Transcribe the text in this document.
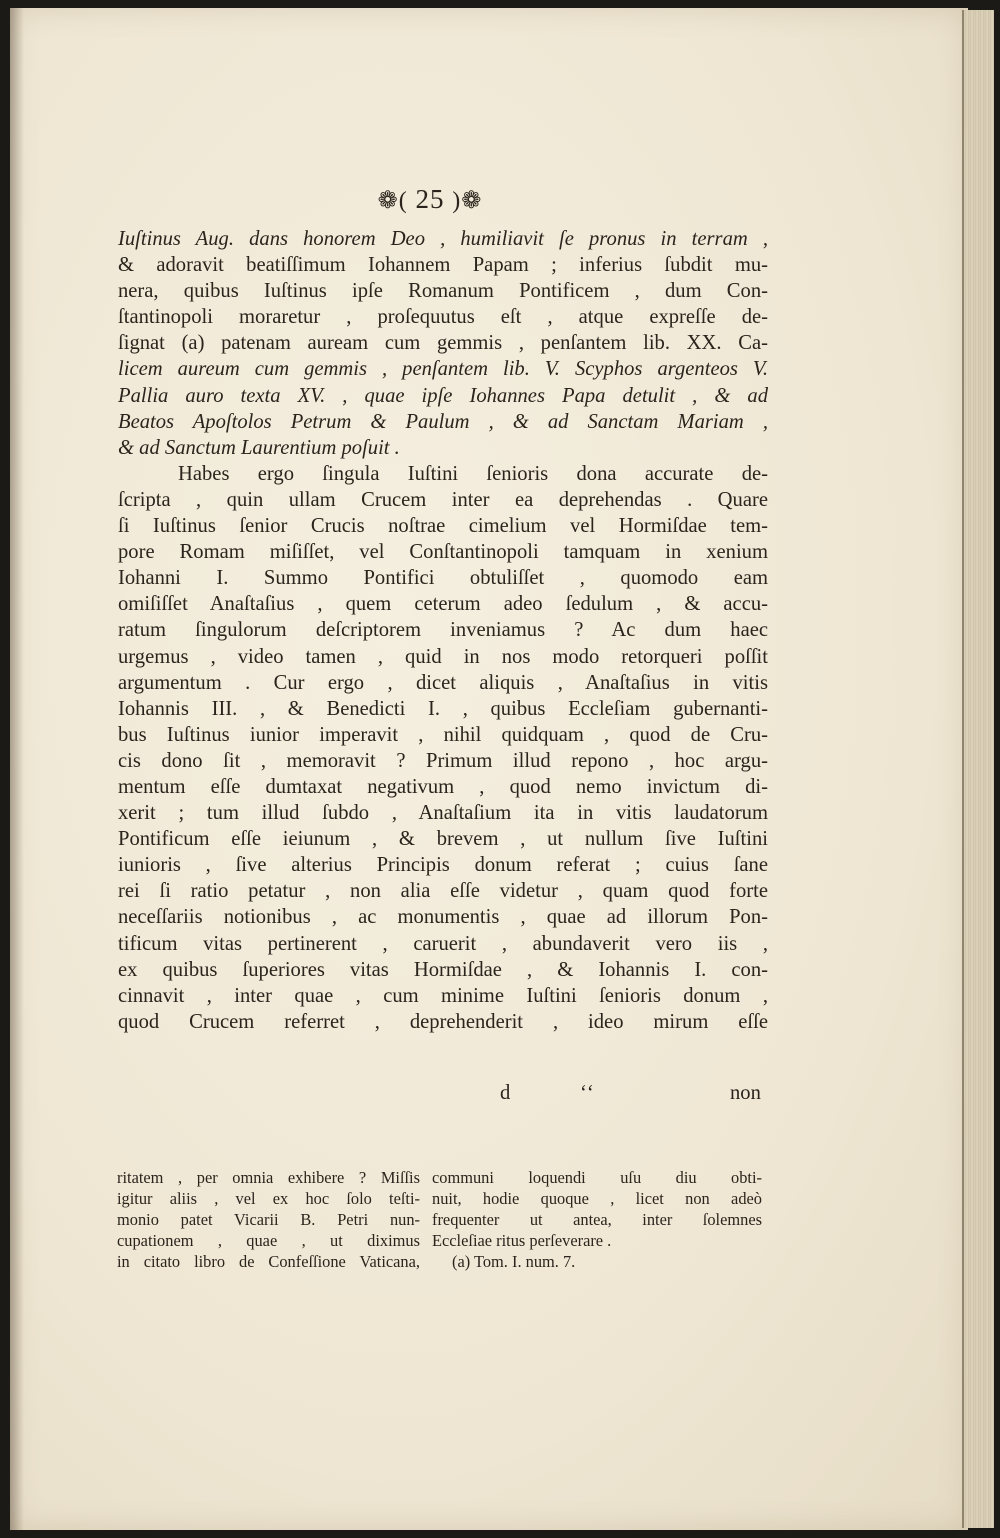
❁( 25 )❁
Iuſtinus Aug. dans honorem Deo , humiliavit ſe pronus in terram ,
& adoravit beatiſſimum Iohannem Papam ; inferius ſubdit mu-
nera, quibus Iuſtinus ipſe Romanum Pontificem , dum Con-
ſtantinopoli moraretur , proſequutus eſt , atque expreſſe de-
ſignat (a) patenam auream cum gemmis , penſantem lib. XX. Ca-
licem aureum cum gemmis , penſantem lib. V. Scyphos argenteos V.
Pallia auro texta XV. , quae ipſe Iohannes Papa detulit , & ad
Beatos Apoſtolos Petrum & Paulum , & ad Sanctam Mariam ,
& ad Sanctum Laurentium poſuit .
Habes ergo ſingula Iuſtini ſenioris dona accurate de-
ſcripta , quin ullam Crucem inter ea deprehendas . Quare
ſi Iuſtinus ſenior Crucis noſtrae cimelium vel Hormiſdae tem-
pore Romam miſiſſet, vel Conſtantinopoli tamquam in xenium
Iohanni I. Summo Pontifici obtuliſſet , quomodo eam
omiſiſſet Anaſtaſius , quem ceterum adeo ſedulum , & accu-
ratum ſingulorum deſcriptorem inveniamus ? Ac dum haec
urgemus , video tamen , quid in nos modo retorqueri poſſit
argumentum . Cur ergo , dicet aliquis , Anaſtaſius in vitis
Iohannis III. , & Benedicti I. , quibus Eccleſiam gubernanti-
bus Iuſtinus iunior imperavit , nihil quidquam , quod de Cru-
cis dono ſit , memoravit ? Primum illud repono , hoc argu-
mentum eſſe dumtaxat negativum , quod nemo invictum di-
xerit ; tum illud ſubdo , Anaſtaſium ita in vitis laudatorum
Pontificum eſſe ieiunum , & brevem , ut nullum ſive Iuſtini
iunioris , ſive alterius Principis donum referat ; cuius ſane
rei ſi ratio petatur , non alia eſſe videtur , quam quod forte
neceſſariis notionibus , ac monumentis , quae ad illorum Pon-
tificum vitas pertinerent , caruerit , abundaverit vero iis ,
ex quibus ſuperiores vitas Hormiſdae , & Iohannis I. con-
cinnavit , inter quae , cum minime Iuſtini ſenioris donum ,
quod Crucem referret , deprehenderit , ideo mirum eſſe
d	ʻʻ	non
ritatem , per omnia exhibere ? Miſſis
igitur aliis , vel ex hoc ſolo teſti-
monio patet Vicarii B. Petri nun-
cupationem , quae , ut diximus
in citato libro de Confeſſione Vaticana,
communi loquendi uſu diu obti-
nuit, hodie quoque , licet non adeò
frequenter ut antea, inter ſolemnes
Eccleſiae ritus perſeverare .
(a) Tom. I. num. 7.
